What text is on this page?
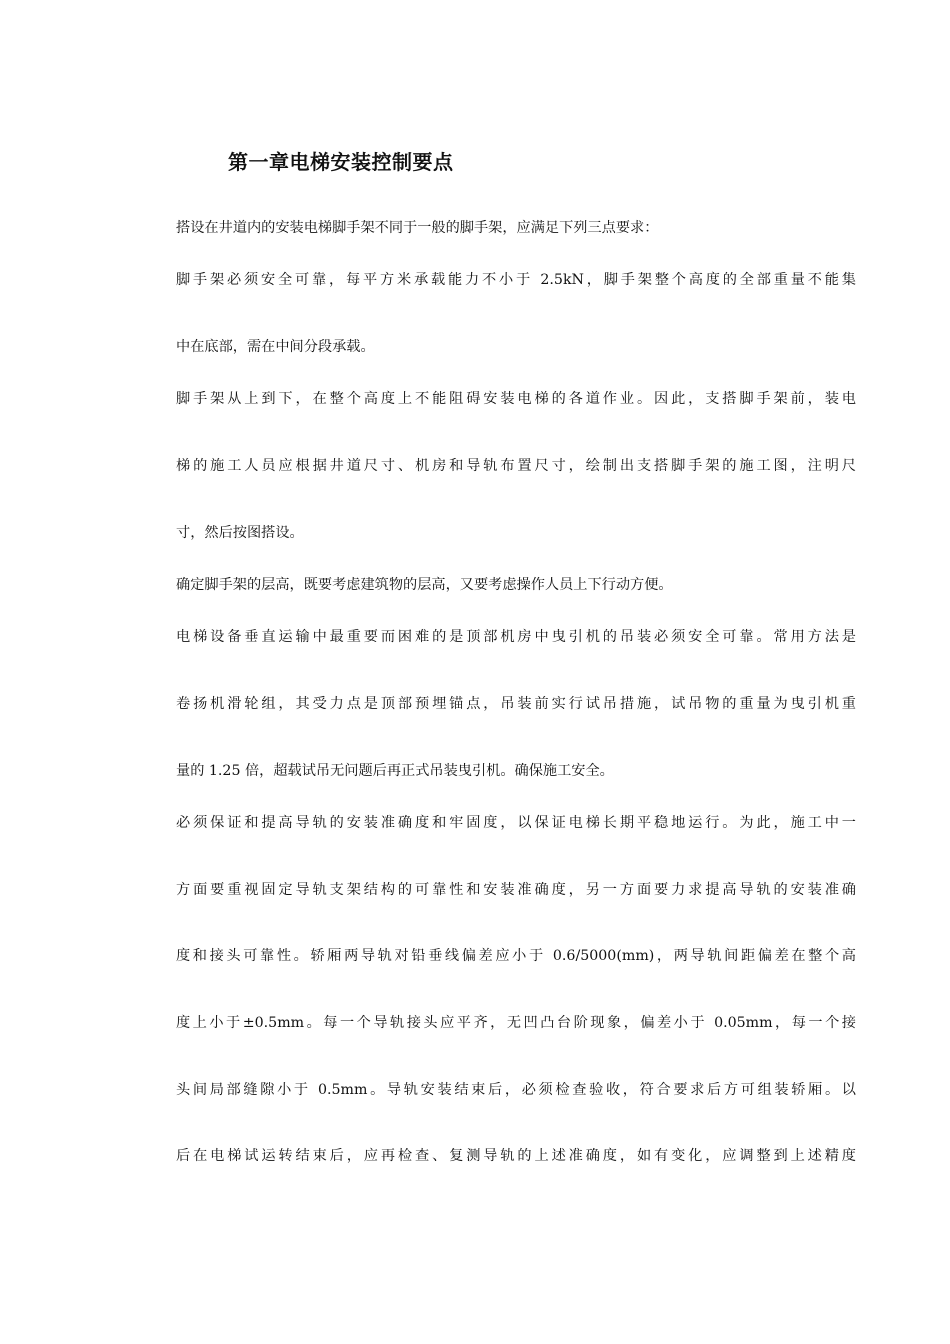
第一章电梯安装控制要点
搭设在井道内的安装电梯脚手架不同于一般的脚手架，应满足下列三点要求：
脚手架必须安全可靠，每平方米承载能力不小于 2.5kN，脚手架整个高度的全部重量不能集
中在底部，需在中间分段承载。
脚手架从上到下，在整个高度上不能阻碍安装电梯的各道作业。因此，支搭脚手架前，装电
梯的施工人员应根据井道尺寸、机房和导轨布置尺寸，绘制出支搭脚手架的施工图，注明尺
寸，然后按图搭设。
确定脚手架的层高，既要考虑建筑物的层高，又要考虑操作人员上下行动方便。
电梯设备垂直运输中最重要而困难的是顶部机房中曳引机的吊装必须安全可靠。常用方法是
卷扬机滑轮组，其受力点是顶部预埋锚点，吊装前实行试吊措施，试吊物的重量为曳引机重
量的 1.25 倍，超载试吊无问题后再正式吊装曳引机。确保施工安全。
必须保证和提高导轨的安装准确度和牢固度，以保证电梯长期平稳地运行。为此，施工中一
方面要重视固定导轨支架结构的可靠性和安装准确度，另一方面要力求提高导轨的安装准确
度和接头可靠性。轿厢两导轨对铅垂线偏差应小于 0.6/5000(mm)，两导轨间距偏差在整个高
度上小于±0.5mm。每一个导轨接头应平齐，无凹凸台阶现象，偏差小于 0.05mm，每一个接
头间局部缝隙小于 0.5mm。导轨安装结束后，必须检查验收，符合要求后方可组装轿厢。以
后在电梯试运转结束后，应再检查、复测导轨的上述准确度，如有变化，应调整到上述精度
